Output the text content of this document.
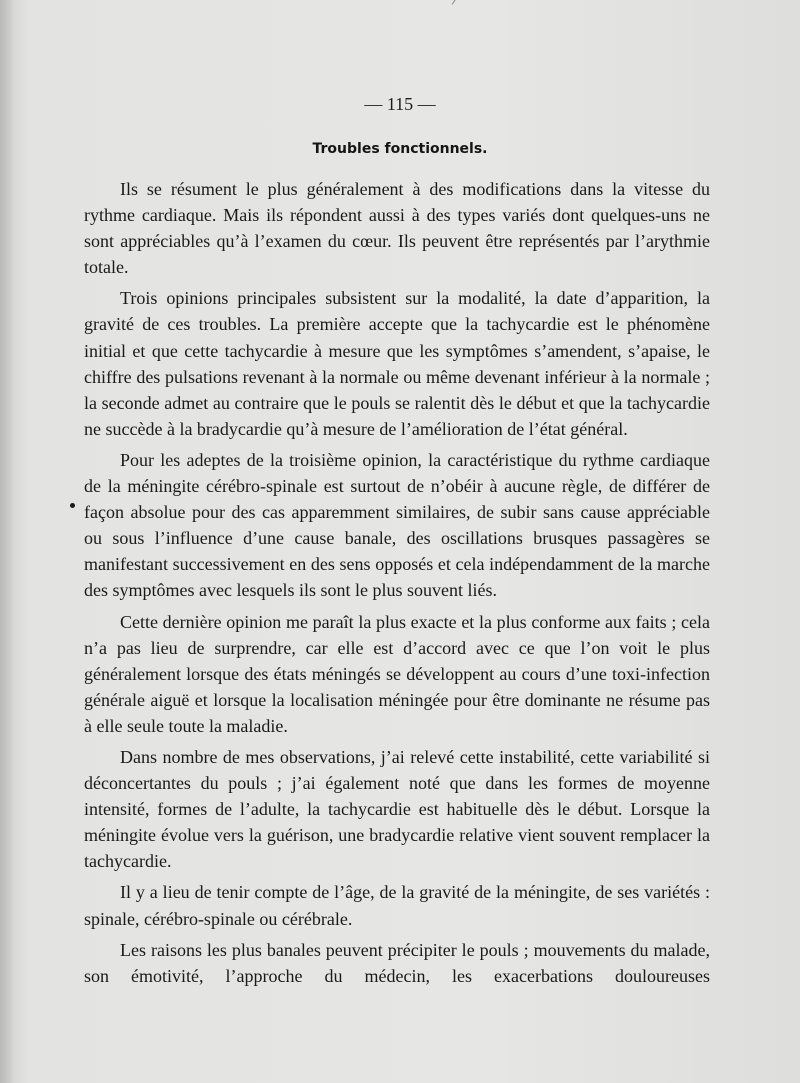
— 115 —
Troubles fonctionnels.

Ils se résument le plus généralement à des modifications dans la vitesse du rythme cardiaque. Mais ils répondent aussi à des types variés dont quelques-uns ne sont appréciables qu’à l’examen du cœur. Ils peuvent être représentés par l’arythmie totale.

Trois opinions principales subsistent sur la modalité, la date d’apparition, la gravité de ces troubles. La première accepte que la tachycardie est le phénomène initial et que cette tachycardie à mesure que les symptômes s’amendent, s’apaise, le chiffre des pulsations revenant à la normale ou même devenant inférieur à la normale ; la seconde admet au contraire que le pouls se ralentit dès le début et que la tachycardie ne succède à la bradycardie qu’à mesure de l’amélioration de l’état général.

Pour les adeptes de la troisième opinion, la caractéristique du rythme cardiaque de la méningite cérébro-spinale est surtout de n’obéir à aucune règle, de différer de façon absolue pour des cas apparemment similaires, de subir sans cause appréciable ou sous l’influence d’une cause banale, des oscillations brusques passagères se manifestant successivement en des sens opposés et cela indépendamment de la marche des symptômes avec lesquels ils sont le plus souvent liés.

Cette dernière opinion me paraît la plus exacte et la plus conforme aux faits ; cela n’a pas lieu de surprendre, car elle est d’accord avec ce que l’on voit le plus généralement lorsque des états méningés se développent au cours d’une toxi-infection générale aiguë et lorsque la localisation méningée pour être dominante ne résume pas à elle seule toute la maladie.

Dans nombre de mes observations, j’ai relevé cette instabilité, cette variabilité si déconcertantes du pouls ; j’ai également noté que dans les formes de moyenne intensité, formes de l’adulte, la tachycardie est habituelle dès le début. Lorsque la méningite évolue vers la guérison, une bradycardie relative vient souvent remplacer la tachycardie.

Il y a lieu de tenir compte de l’âge, de la gravité de la méningite, de ses variétés : spinale, cérébro-spinale ou cérébrale.

Les raisons les plus banales peuvent précipiter le pouls ; mouvements du malade, son émotivité, l’approche du médecin, les exacerbations douloureuses
